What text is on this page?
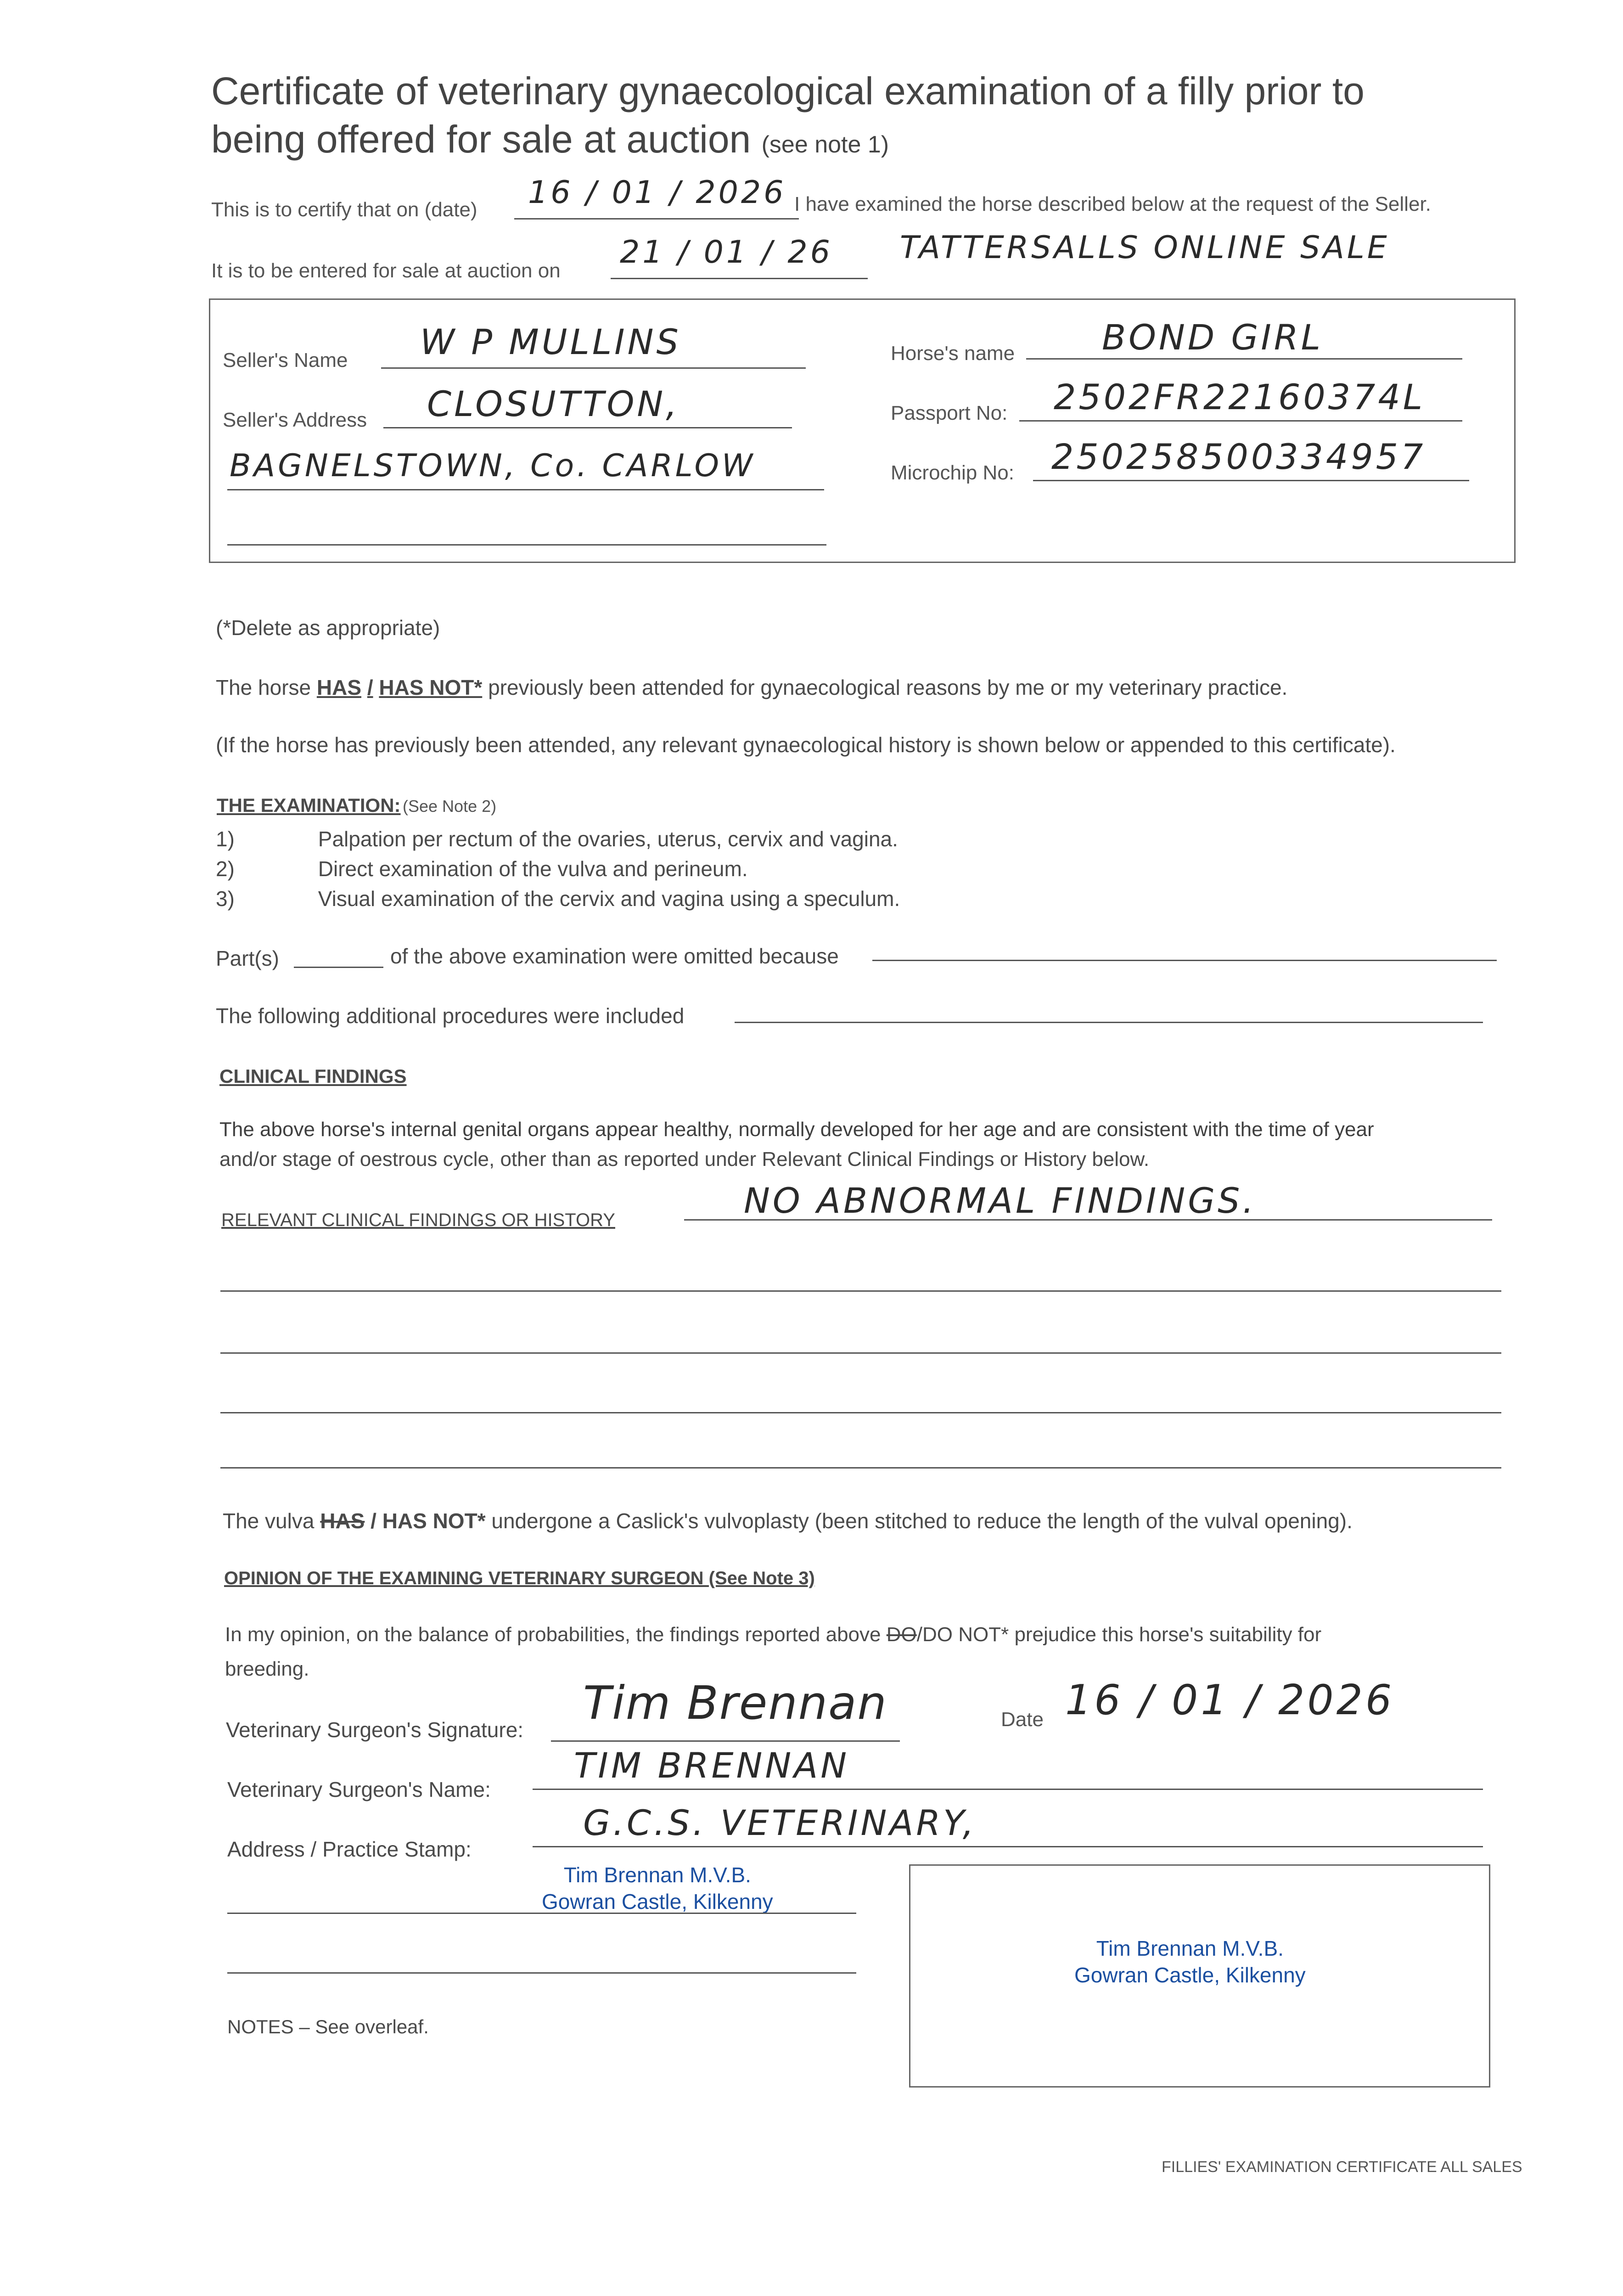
Certificate of veterinary gynaecological examination of a filly prior to
being offered for sale at auction (see note 1)
This is to certify that on (date) 16 / 01 / 2026 I have examined the horse described below at the request of the Seller.
It is to be entered for sale at auction on
21 / 01 / 26 TATTERSALLS ONLINE SALE
Seller's Name W P MULLINS
Seller's Address CLOSUTTON,
BAGNELSTOWN, Co. CARLOW
Horse's name BOND GIRL
Passport No: 2502FR22160374L
Microchip No: 250258500334957
(*Delete as appropriate)
The horse HAS / HAS NOT* previously been attended for gynaecological reasons by me or my veterinary practice.
(If the horse has previously been attended, any relevant gynaecological history is shown below or appended to this certificate).
THE EXAMINATION: (See Note 2)
1)	Palpation per rectum of the ovaries, uterus, cervix and vagina.
2)	Direct examination of the vulva and perineum.
3)	Visual examination of the cervix and vagina using a speculum.
Part(s)	of the above examination were omitted because
The following additional procedures were included
CLINICAL FINDINGS
The above horse's internal genital organs appear healthy, normally developed for her age and are consistent with the time of year
and/or stage of oestrous cycle, other than as reported under Relevant Clinical Findings or History below.
RELEVANT CLINICAL FINDINGS OR HISTORY	NO ABNORMAL FINDINGS.
The vulva HAS / HAS NOT* undergone a Caslick's vulvoplasty (been stitched to reduce the length of the vulval opening).
OPINION OF THE EXAMINING VETERINARY SURGEON (See Note 3)
In my opinion, on the balance of probabilities, the findings reported above DO/DO NOT* prejudice this horse's suitability for
breeding.
Veterinary Surgeon's Signature: Tim Brennan	Date 16 / 01 / 2026
Veterinary Surgeon's Name:
TIM BRENNAN
Address / Practice Stamp:
G.C.S. VETERINARY,
Tim Brennan M.V.B.
Gowran Castle, Kilkenny
Tim Brennan M.V.B.
Gowran Castle, Kilkenny
NOTES – See overleaf.
FILLIES' EXAMINATION CERTIFICATE ALL SALES
